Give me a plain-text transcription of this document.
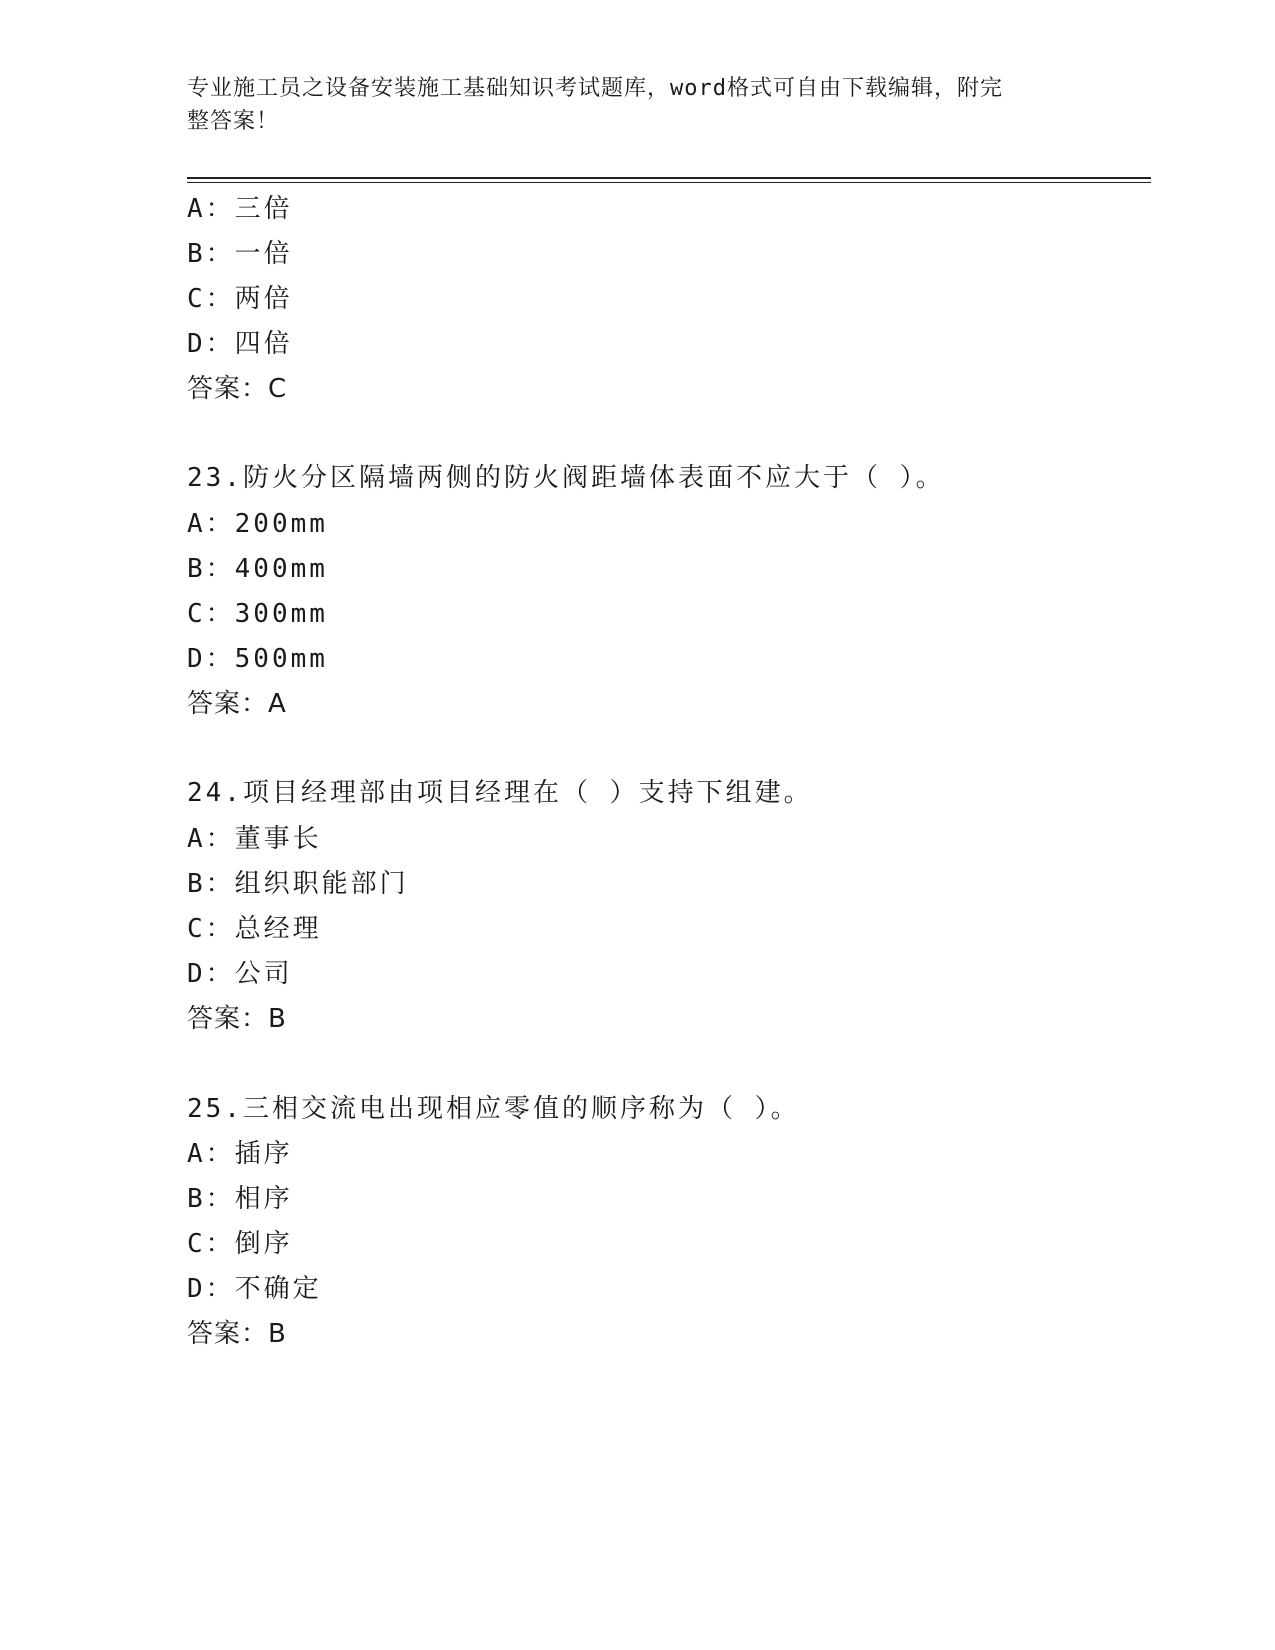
专业施工员之设备安装施工基础知识考试题库，word格式可自由下载编辑，附完
整答案！
A：三倍
B：一倍
C：两倍
D：四倍
答案：C
23.防火分区隔墙两侧的防火阀距墙体表面不应大于（ ）。
A：200mm
B：400mm
C：300mm
D：500mm
答案：A
24.项目经理部由项目经理在（ ）支持下组建。
A：董事长
B：组织职能部门
C：总经理
D：公司
答案：B
25.三相交流电出现相应零值的顺序称为（ ）。
A：插序
B：相序
C：倒序
D：不确定
答案：B
